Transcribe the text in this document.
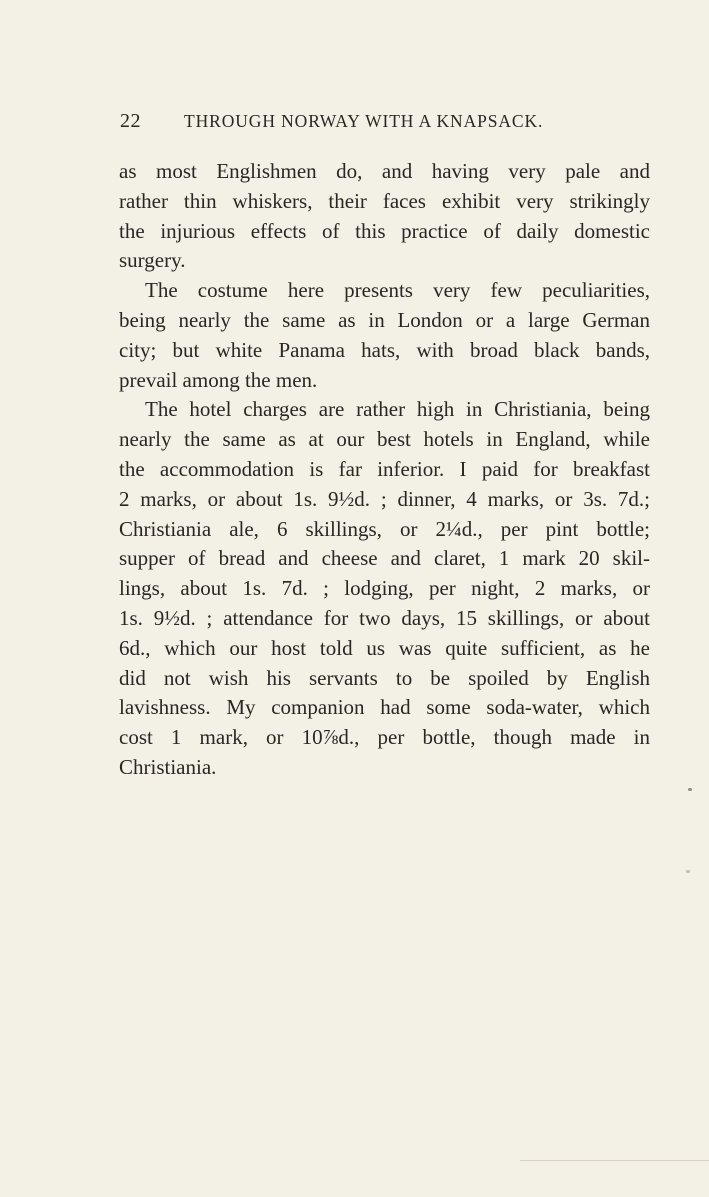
22 THROUGH NORWAY WITH A KNAPSACK.
as most Englishmen do, and having very pale and
rather thin whiskers, their faces exhibit very strikingly
the injurious effects of this practice of daily domestic
surgery.
The costume here presents very few peculiarities,
being nearly the same as in London or a large German
city; but white Panama hats, with broad black bands,
prevail among the men.
The hotel charges are rather high in Christiania, being
nearly the same as at our best hotels in England, while
the accommodation is far inferior. I paid for breakfast
2 marks, or about 1s. 9½d. ; dinner, 4 marks, or 3s. 7d.;
Christiania ale, 6 skillings, or 2¼d., per pint bottle;
supper of bread and cheese and claret, 1 mark 20 skil-
lings, about 1s. 7d. ; lodging, per night, 2 marks, or
1s. 9½d. ; attendance for two days, 15 skillings, or about
6d., which our host told us was quite sufficient, as he
did not wish his servants to be spoiled by English
lavishness. My companion had some soda-water, which
cost 1 mark, or 10⅞d., per bottle, though made in
Christiania.
